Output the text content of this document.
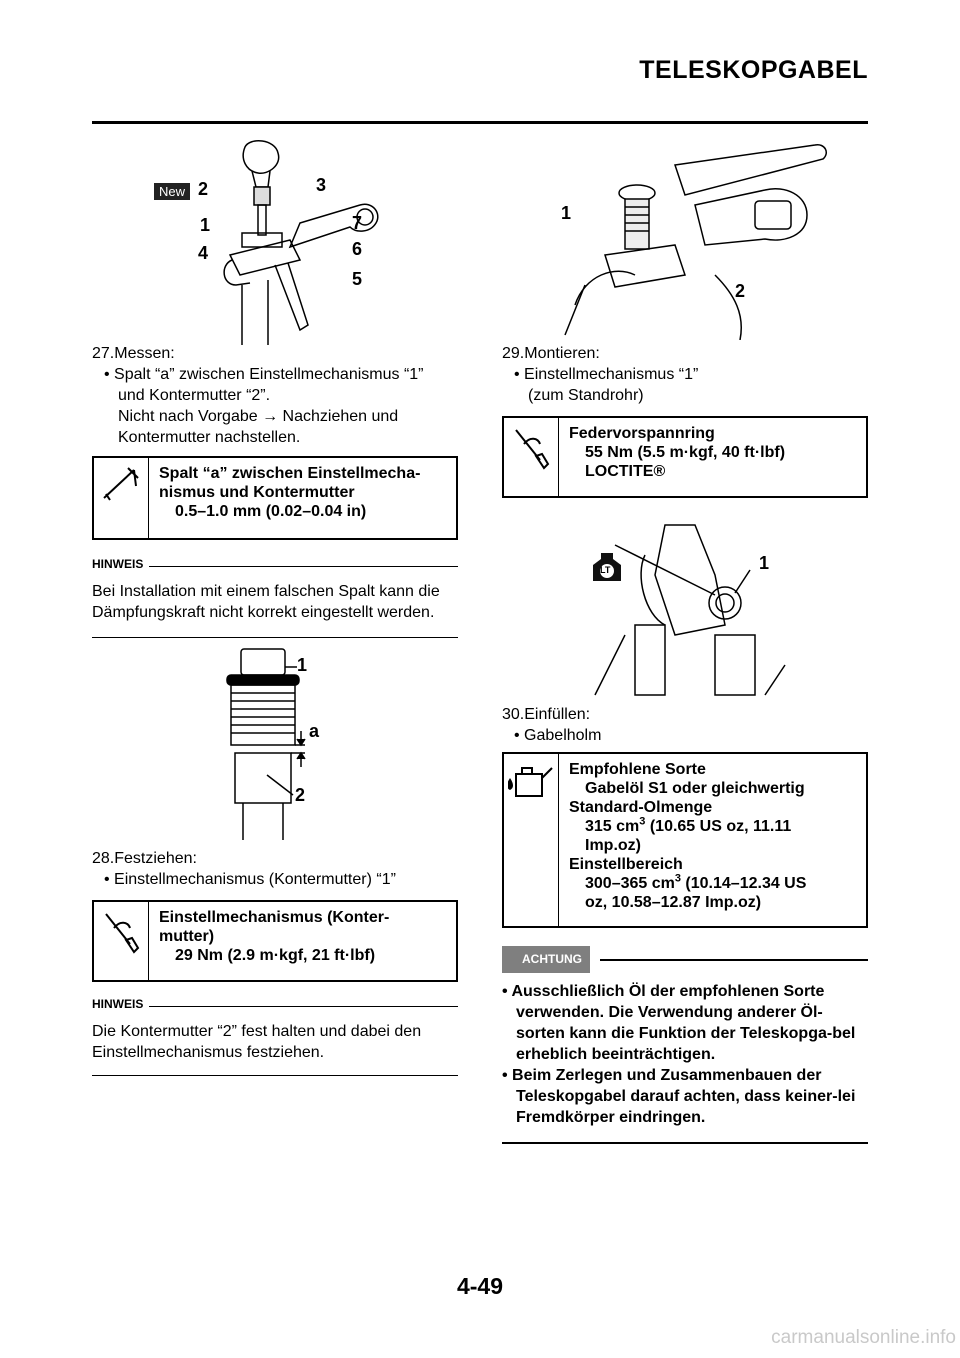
TELESKOPGABEL
New 2	3
1	7
4	6
5
27.Messen:
• Spalt “a” zwischen Einstellmechanismus “1”
und Kontermutter “2”.
Nicht nach Vorgabe → Nachziehen und
Kontermutter nachstellen.
Spalt “a” zwischen Einstellmecha-
nismus und Kontermutter
0.5–1.0 mm (0.02–0.04 in)
HINWEIS
Bei Installation mit einem falschen Spalt kann die Dämpfungskraft nicht korrekt eingestellt werden.
1
a
2
28.Festziehen:
• Einstellmechanismus (Kontermutter) “1”
Einstellmechanismus (Konter-
mutter)
29 Nm (2.9 m·kgf, 21 ft·lbf)
HINWEIS
Die Kontermutter “2” fest halten und dabei den Einstellmechanismus festziehen.
1
2
29.Montieren:
• Einstellmechanismus “1”
(zum Standrohr)
Federvorspannring
55 Nm (5.5 m·kgf, 40 ft·lbf)
LOCTITE®
LT	1
30.Einfüllen:
• Gabelholm
Empfohlene Sorte
Gabelöl S1 oder gleichwertig
Standard-Olmenge
315 $cm^3$ (10.65 US oz, 11.11
Imp.oz)
Einstellbereich
300–365 $cm^3$ (10.14–12.34 US
oz, 10.58–12.87 Imp.oz)
ACHTUNG
• Ausschließlich Öl der empfohlenen Sorte verwenden. Die Verwendung anderer Öl-sorten kann die Funktion der Teleskopga-bel erheblich beeinträchtigen.
• Beim Zerlegen und Zusammenbauen der Teleskopgabel darauf achten, dass keiner-lei Fremdkörper eindringen.
4-49
carmanualsonline.info
